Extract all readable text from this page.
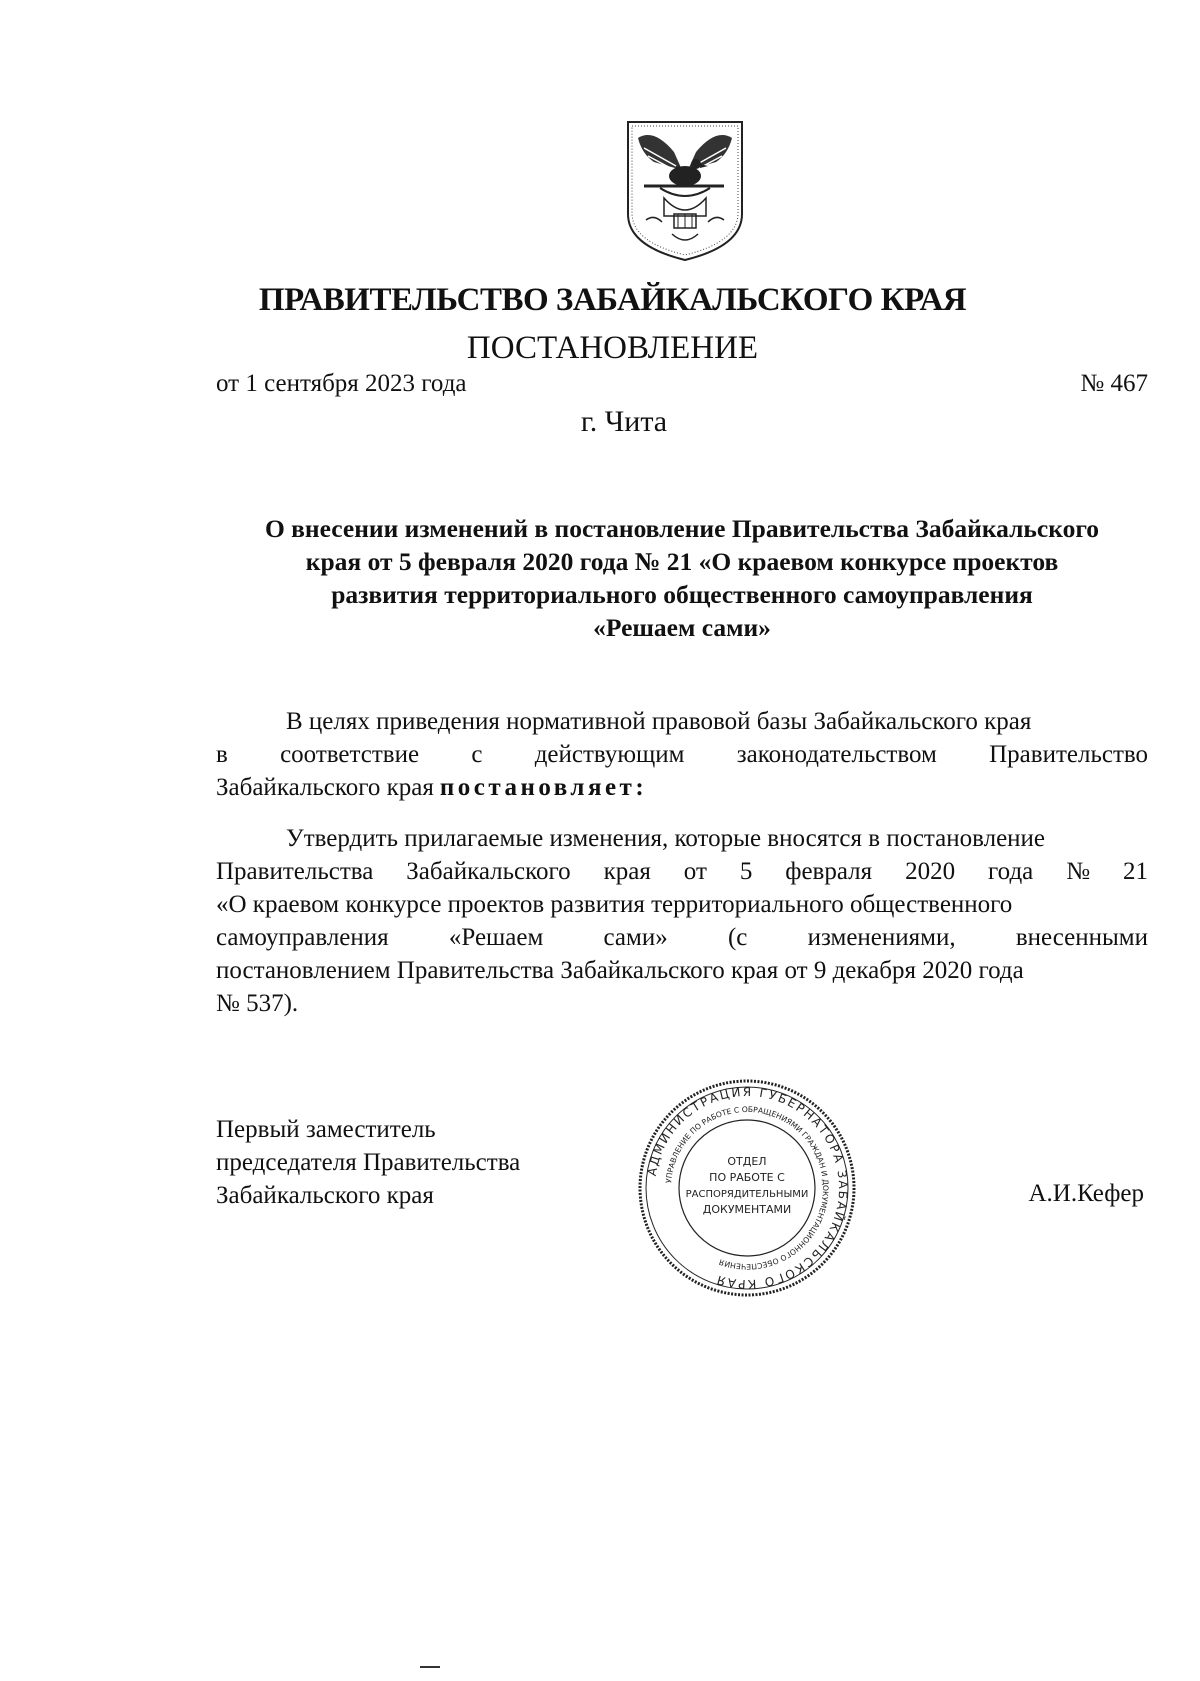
ПРАВИТЕЛЬСТВО ЗАБАЙКАЛЬСКОГО КРАЯ
ПОСТАНОВЛЕНИЕ
от 1 сентября 2023 года	№ 467
г. Чита
О внесении изменений в постановление Правительства Забайкальского
края от 5 февраля 2020 года № 21 «О краевом конкурсе проектов
развития территориального общественного самоуправления
«Решаем сами»
В целях приведения нормативной правовой базы Забайкальского края
в соответствие с действующим законодательством Правительство
Забайкальского края постановляет:
Утвердить прилагаемые изменения, которые вносятся в постановление
Правительства Забайкальского края от 5 февраля 2020 года № 21
«О краевом конкурсе проектов развития территориального общественного
самоуправления «Решаем сами» (с изменениями, внесенными
постановлением Правительства Забайкальского края от 9 декабря 2020 года
№ 537).
Первый заместитель
председателя Правительства
Забайкальского края	А.И.Кефер
АДМИНИСТРАЦИЯ ГУБЕРНАТОРА ЗАБАЙКАЛЬСКОГО КРАЯ
УПРАВЛЕНИЕ ПО РАБОТЕ С ОБРАЩЕНИЯМИ ГРАЖДАН И ДОКУМЕНТАЦИОННОГО ОБЕСПЕЧЕНИЯ
ОТДЕЛ
ПО РАБОТЕ С
РАСПОРЯДИТЕЛЬНЫМИ
ДОКУМЕНТАМИ
